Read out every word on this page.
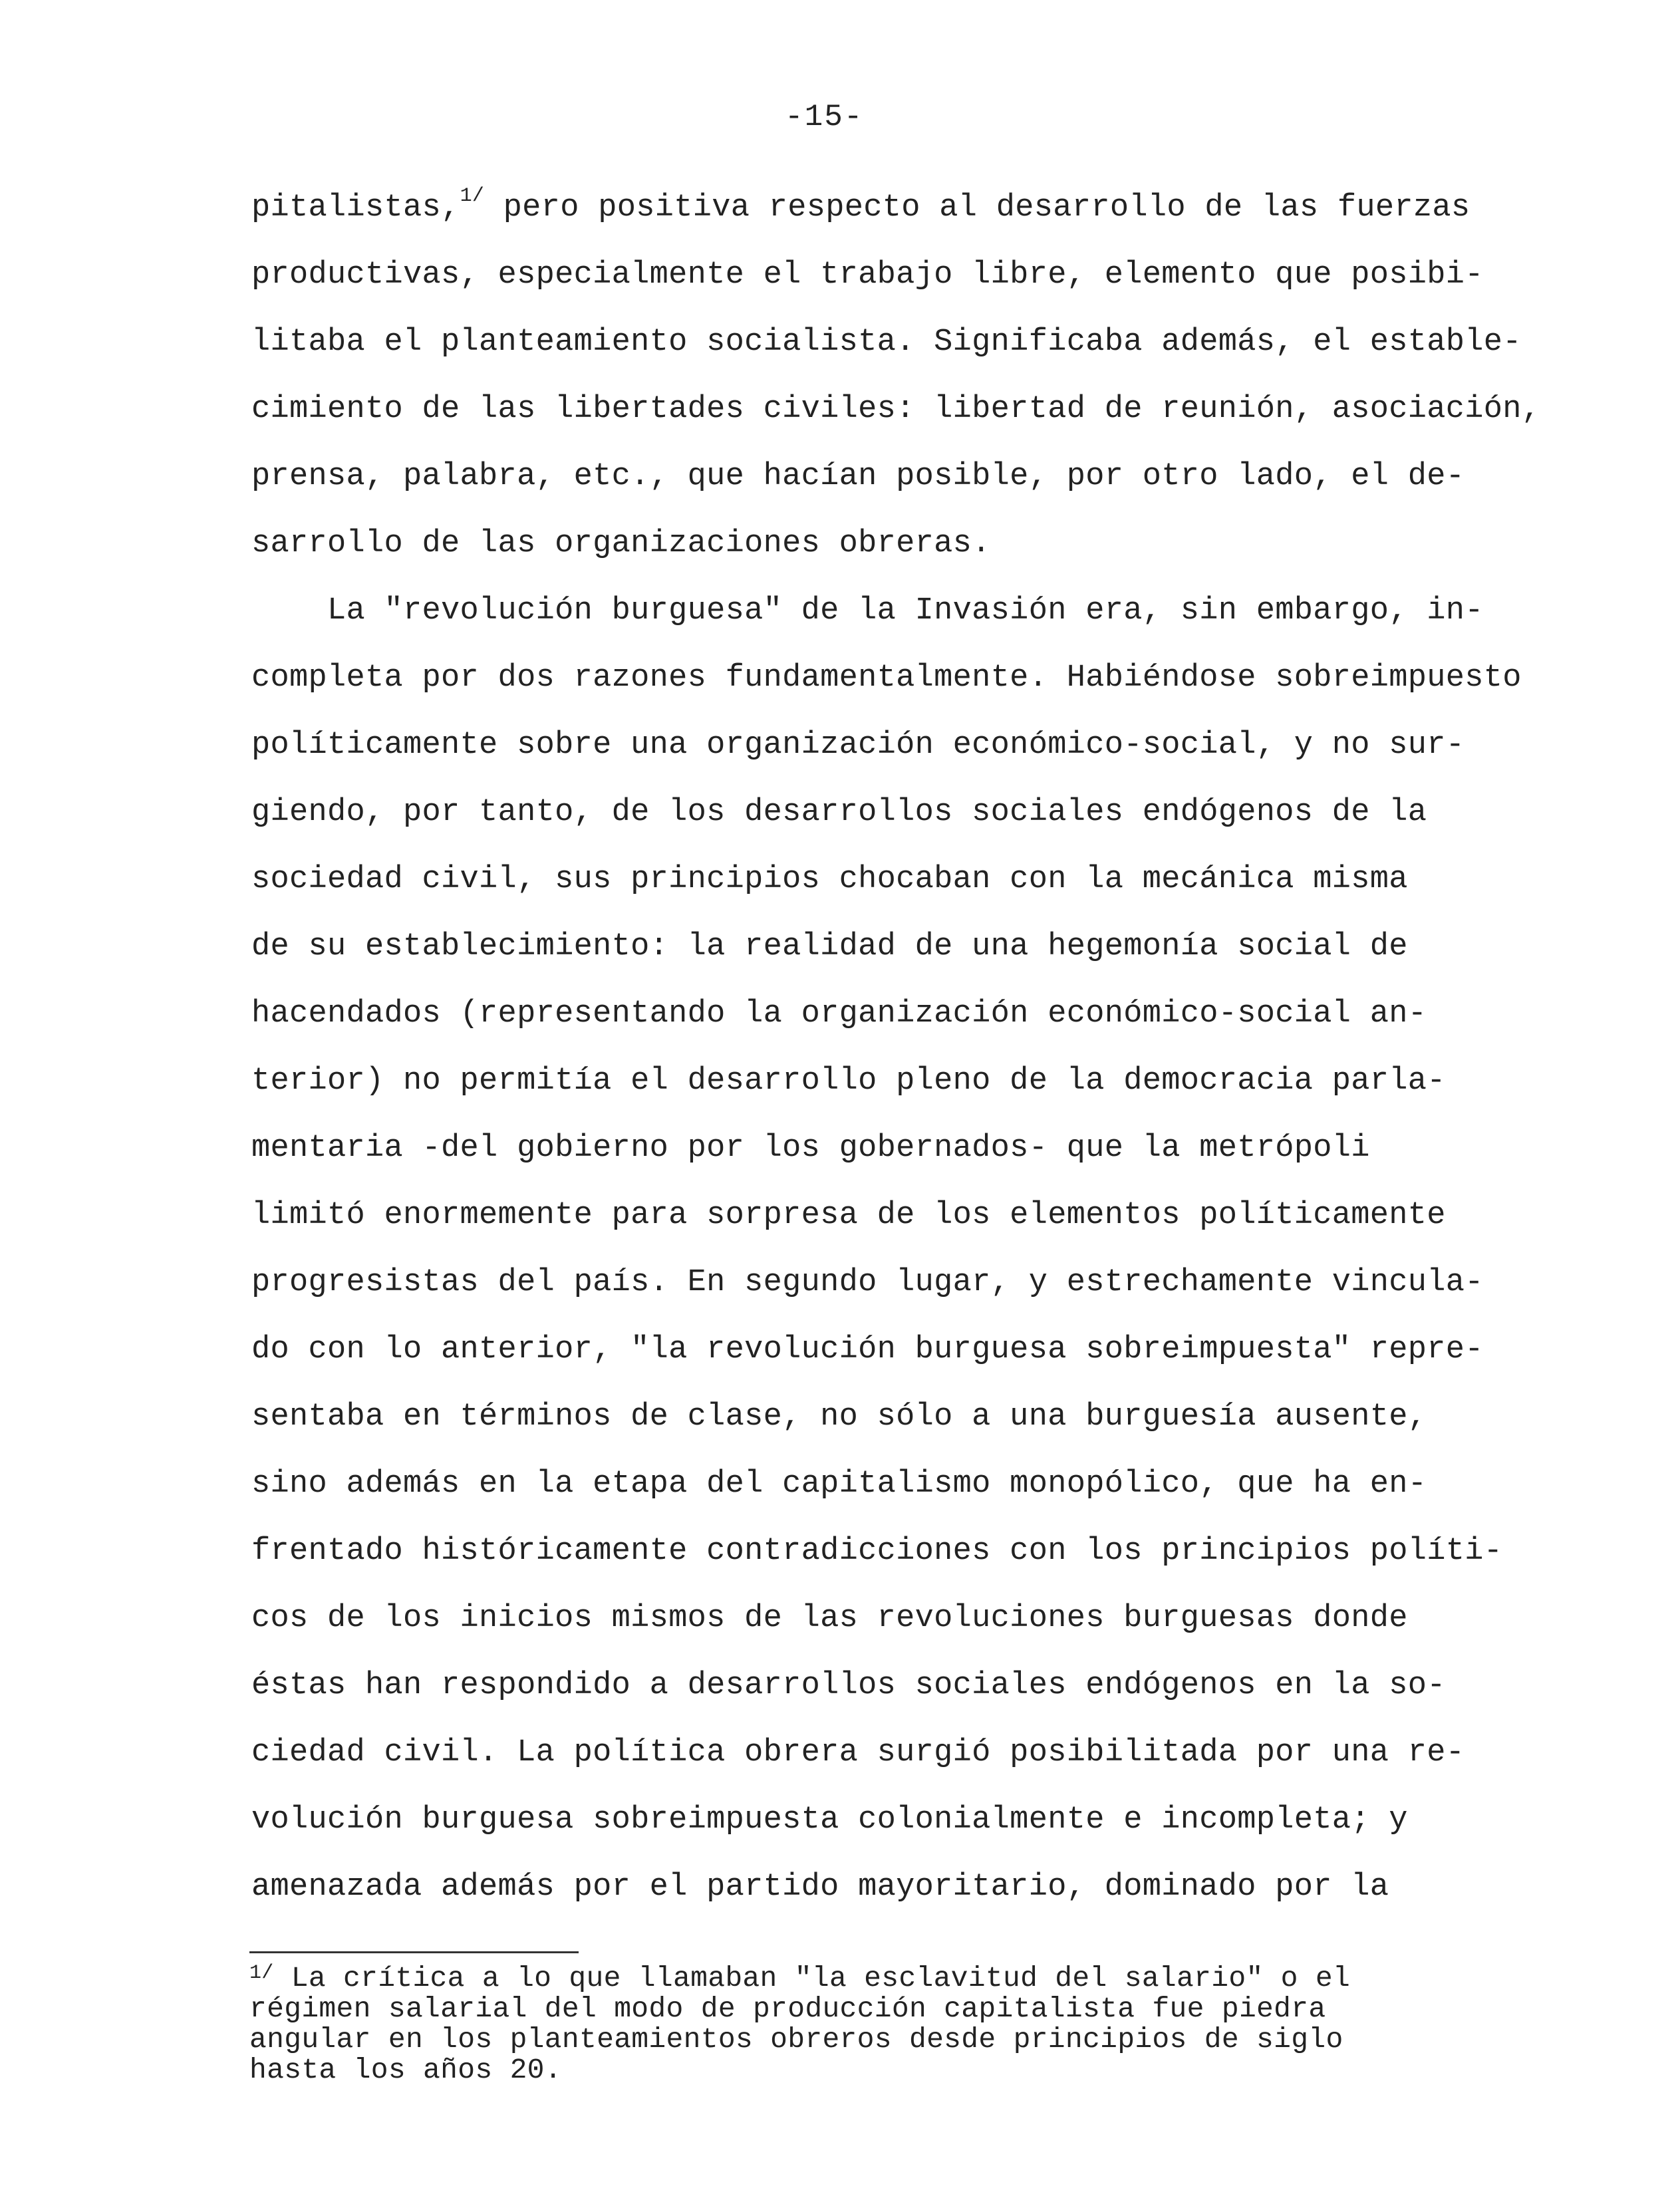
-15-
pitalistas,$^{1/}$ pero positiva respecto al desarrollo de las fuerzas
productivas, especialmente el trabajo libre, elemento que posibi-
litaba el planteamiento socialista. Significaba además, el estable-
cimiento de las libertades civiles: libertad de reunión, asociación,
prensa, palabra, etc., que hacían posible, por otro lado, el de-
sarrollo de las organizaciones obreras.
La "revolución burguesa" de la Invasión era, sin embargo, in-
completa por dos razones fundamentalmente. Habiéndose sobreimpuesto
políticamente sobre una organización económico-social, y no sur-
giendo, por tanto, de los desarrollos sociales endógenos de la
sociedad civil, sus principios chocaban con la mecánica misma
de su establecimiento: la realidad de una hegemonía social de
hacendados (representando la organización económico-social an-
terior) no permitía el desarrollo pleno de la democracia parla-
mentaria -del gobierno por los gobernados- que la metrópoli
limitó enormemente para sorpresa de los elementos políticamente
progresistas del país. En segundo lugar, y estrechamente vincula-
do con lo anterior, "la revolución burguesa sobreimpuesta" repre-
sentaba en términos de clase, no sólo a una burguesía ausente,
sino además en la etapa del capitalismo monopólico, que ha en-
frentado históricamente contradicciones con los principios políti-
cos de los inicios mismos de las revoluciones burguesas donde
éstas han respondido a desarrollos sociales endógenos en la so-
ciedad civil. La política obrera surgió posibilitada por una re-
volución burguesa sobreimpuesta colonialmente e incompleta; y
amenazada además por el partido mayoritario, dominado por la
$^{1/}$ La crítica a lo que llamaban "la esclavitud del salario" o el
régimen salarial del modo de producción capitalista fue piedra
angular en los planteamientos obreros desde principios de siglo
hasta los años 20.
